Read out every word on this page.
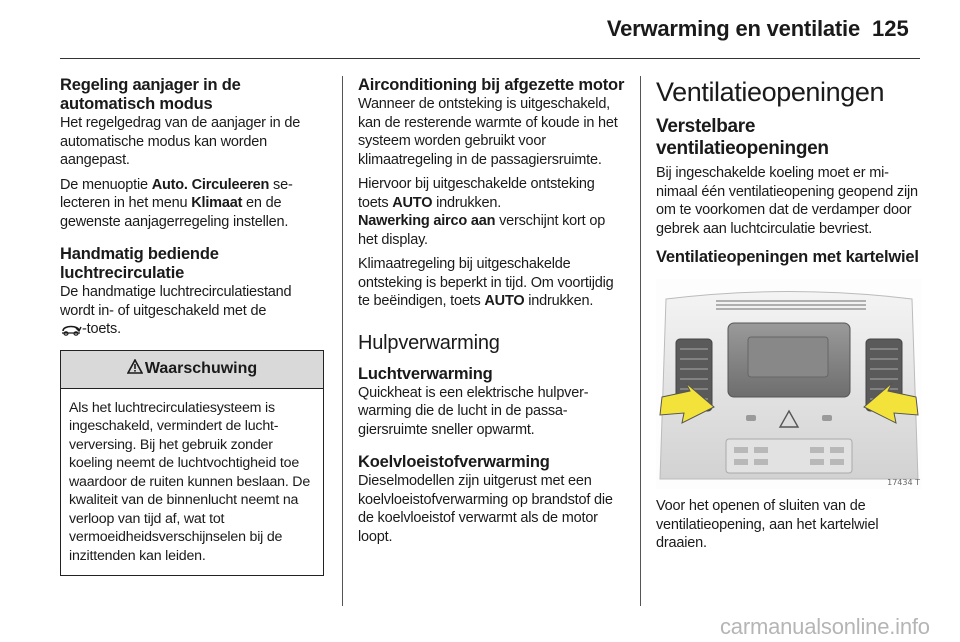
Verwarming en ventilatie 125
Regeling aanjager in de automatisch modus

Het regelgedrag van de aanjager in de automatische modus kan worden aangepast.

De menuoptie Auto. Circuleeren selecteren in het menu Klimaat en de gewenste aanjagerregeling instellen.

Handmatig bediende luchtrecirculatie

De handmatige luchtrecirculatiestand wordt in- of uitgeschakeld met de
-toets.

Waarschuwing
Als het luchtrecirculatiesysteem is ingeschakeld, vermindert de luchtverversing. Bij het gebruik zonder koeling neemt de luchtvochtigheid toe waardoor de ruiten kunnen beslaan. De kwaliteit van de binnenlucht neemt na verloop van tijd af, wat tot vermoeidheidsverschijnselen bij de inzittenden kan leiden.
Airconditioning bij afgezette motor

Wanneer de ontsteking is uitgeschakeld, kan de resterende warmte of koude in het systeem worden gebruikt voor klimaatregeling in de passagiersruimte.

Hiervoor bij uitgeschakelde ontsteking toets AUTO indrukken.
Nawerking airco aan verschijnt kort op het display.

Klimaatregeling bij uitgeschakelde ontsteking is beperkt in tijd. Om voortijdig te beëindigen, toets AUTO indrukken.

Hulpverwarming
Luchtverwarming

Quickheat is een elektrische hulpverwarming die de lucht in de passagiersruimte sneller opwarmt.

Koelvloeistofverwarming

Dieselmodellen zijn uitgerust met een koelvloeistofverwarming op brandstof die de koelvloeistof verwarmt als de motor loopt.

Ventilatieopeningen
Verstelbare ventilatieopeningen

Bij ingeschakelde koeling moet er minimaal één ventilatieopening geopend zijn om te voorkomen dat de verdamper door gebrek aan luchtcirculatie bevriest.

Ventilatieopeningen met kartelwiel
17434 T

Voor het openen of sluiten van de ventilatieopening, aan het kartelwiel draaien.

carmanualsonline.info
